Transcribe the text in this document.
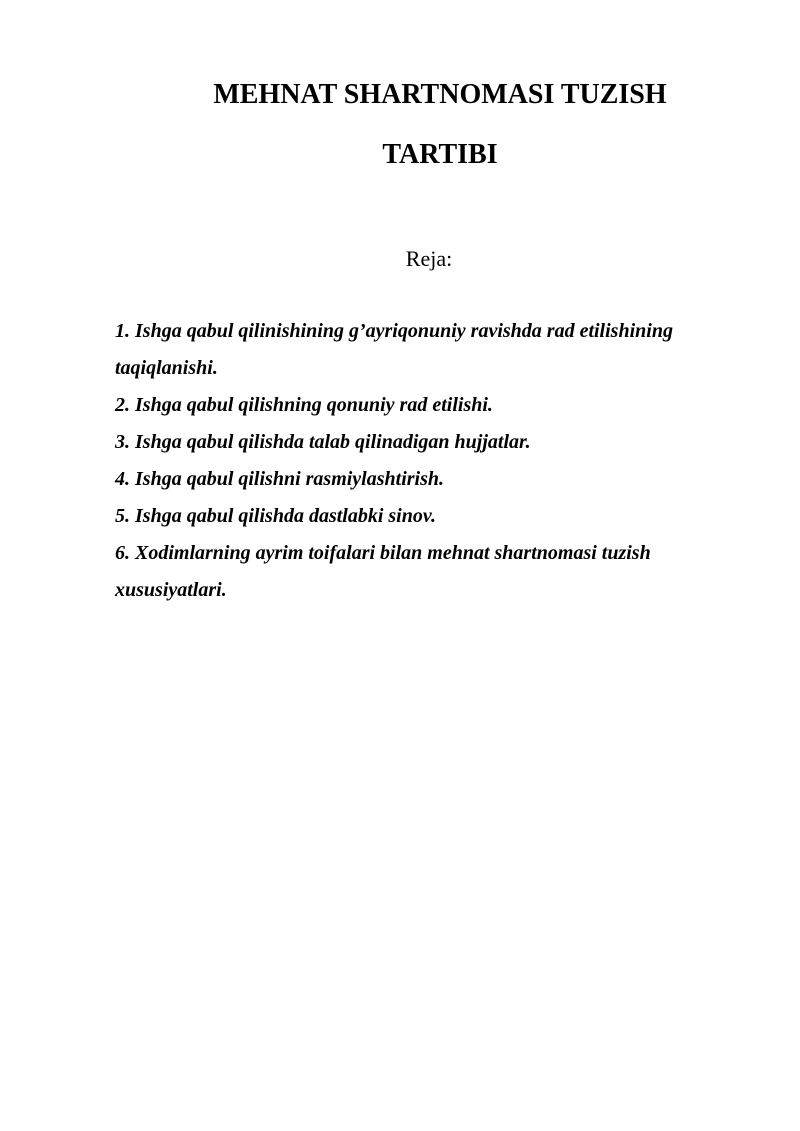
MEHNAT SHARTNOMASI TUZISH
TARTIBI
Reja:
1. Ishga qabul qilinishining g’ayriqonuniy ravishda rad etilishining taqiqlanishi.
2. Ishga qabul qilishning qonuniy rad etilishi.
3. Ishga qabul qilishda talab qilinadigan hujjatlar.
4. Ishga qabul qilishni rasmiylashtirish.
5. Ishga qabul qilishda dastlabki sinov.
6. Xodimlarning ayrim toifalari bilan mehnat shartnomasi tuzish xususiyatlari.
